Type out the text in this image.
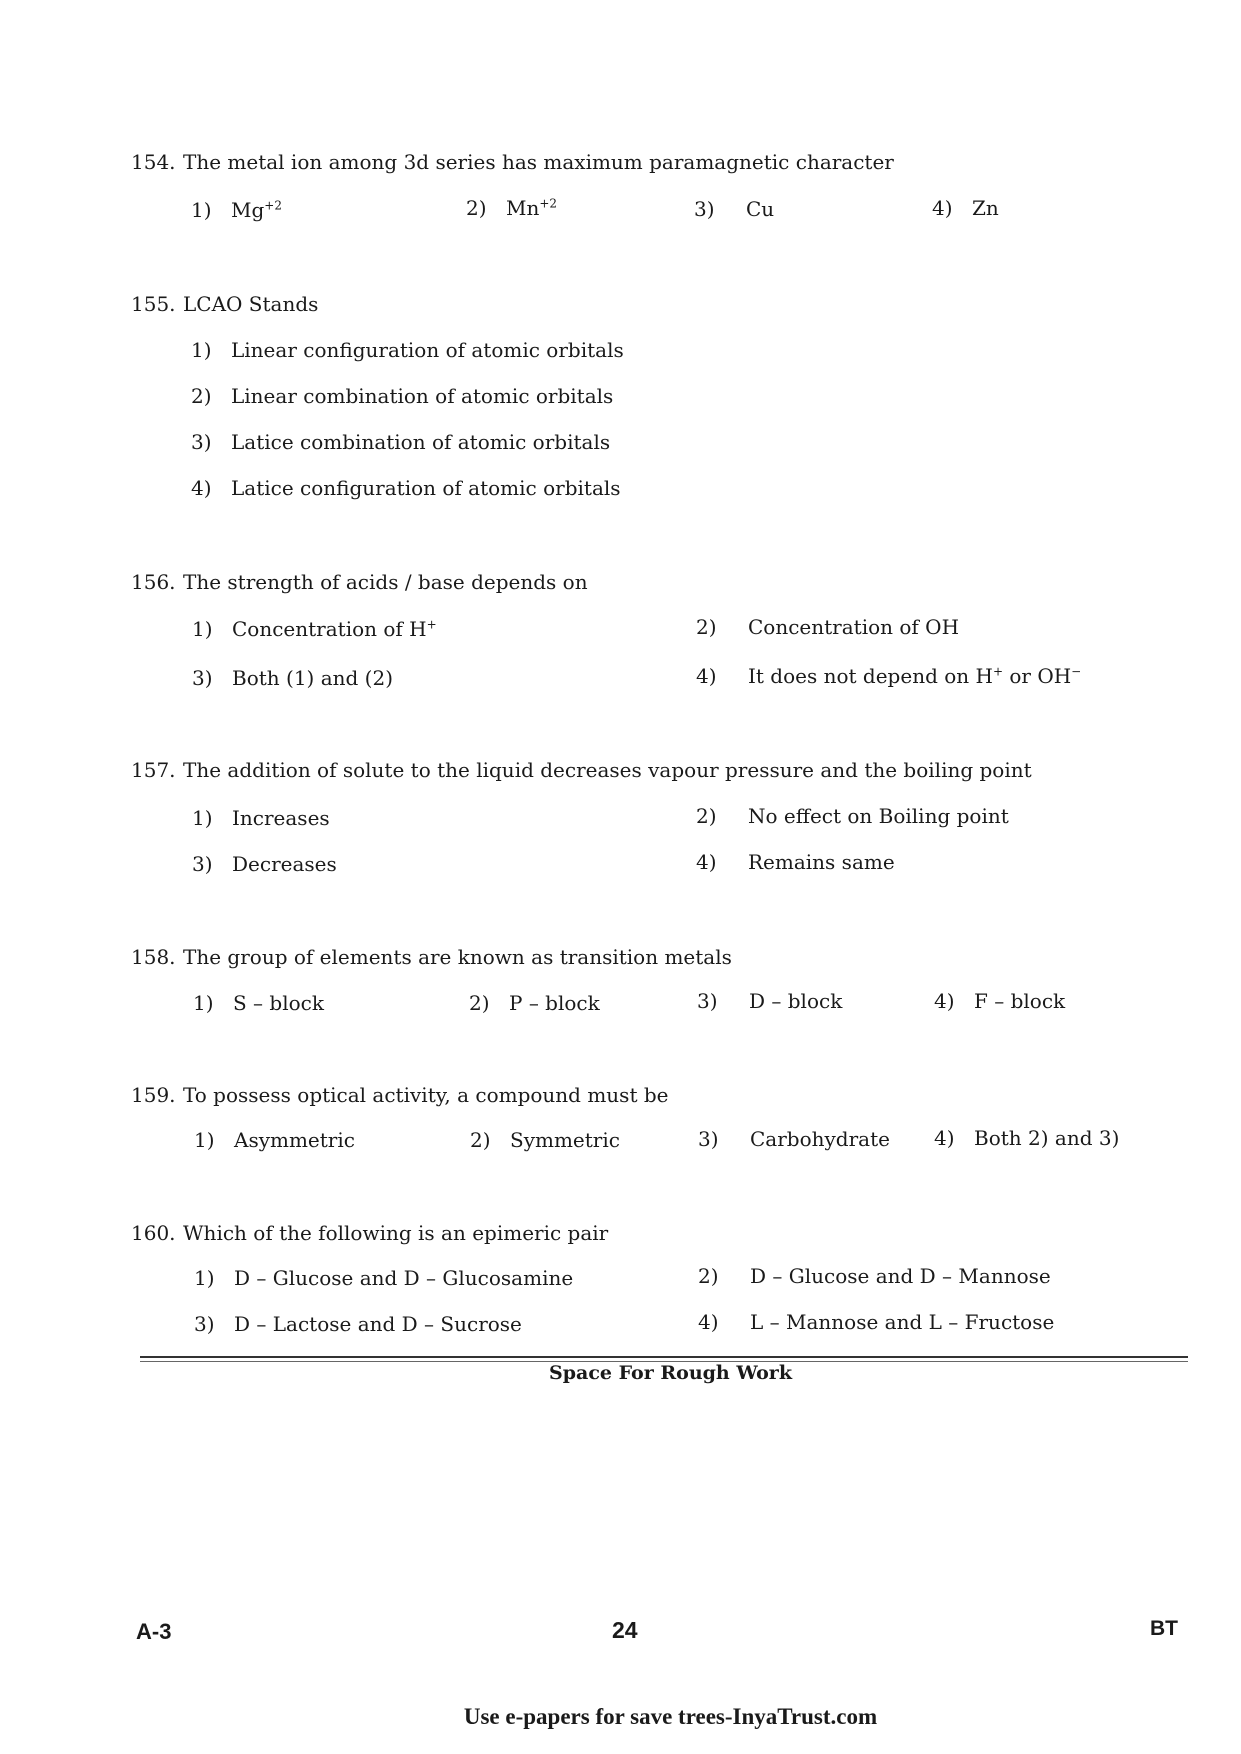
154. The metal ion among 3d series has maximum paramagnetic character
1) $Mg^{+2}$	2) $Mn^{+2}$	3) Cu	4) Zn
155. LCAO Stands
1) Linear configuration of atomic orbitals
2) Linear combination of atomic orbitals
3) Latice combination of atomic orbitals
4) Latice configuration of atomic orbitals
156. The strength of acids / base depends on
1) Concentration of H+	2) Concentration of OH
3) Both (1) and (2)	4) It does not depend on H+ or OH−
157. The addition of solute to the liquid decreases vapour pressure and the boiling point
1) Increases	2) No effect on Boiling point
3) Decreases	4) Remains same
158. The group of elements are known as transition metals
1) S – block	2) P – block	3) D – block	4) F – block
159. To possess optical activity, a compound must be
1) Asymmetric	2) Symmetric	3) Carbohydrate 4) Both 2) and 3)
160. Which of the following is an epimeric pair
1) D – Glucose and D – Glucosamine	2) D – Glucose and D – Mannose
3) D – Lactose and D – Sucrose	4) L – Mannose and L – Fructose
Space For Rough Work
A-3	24	BT
Use e-papers for save trees-InyaTrust.com
